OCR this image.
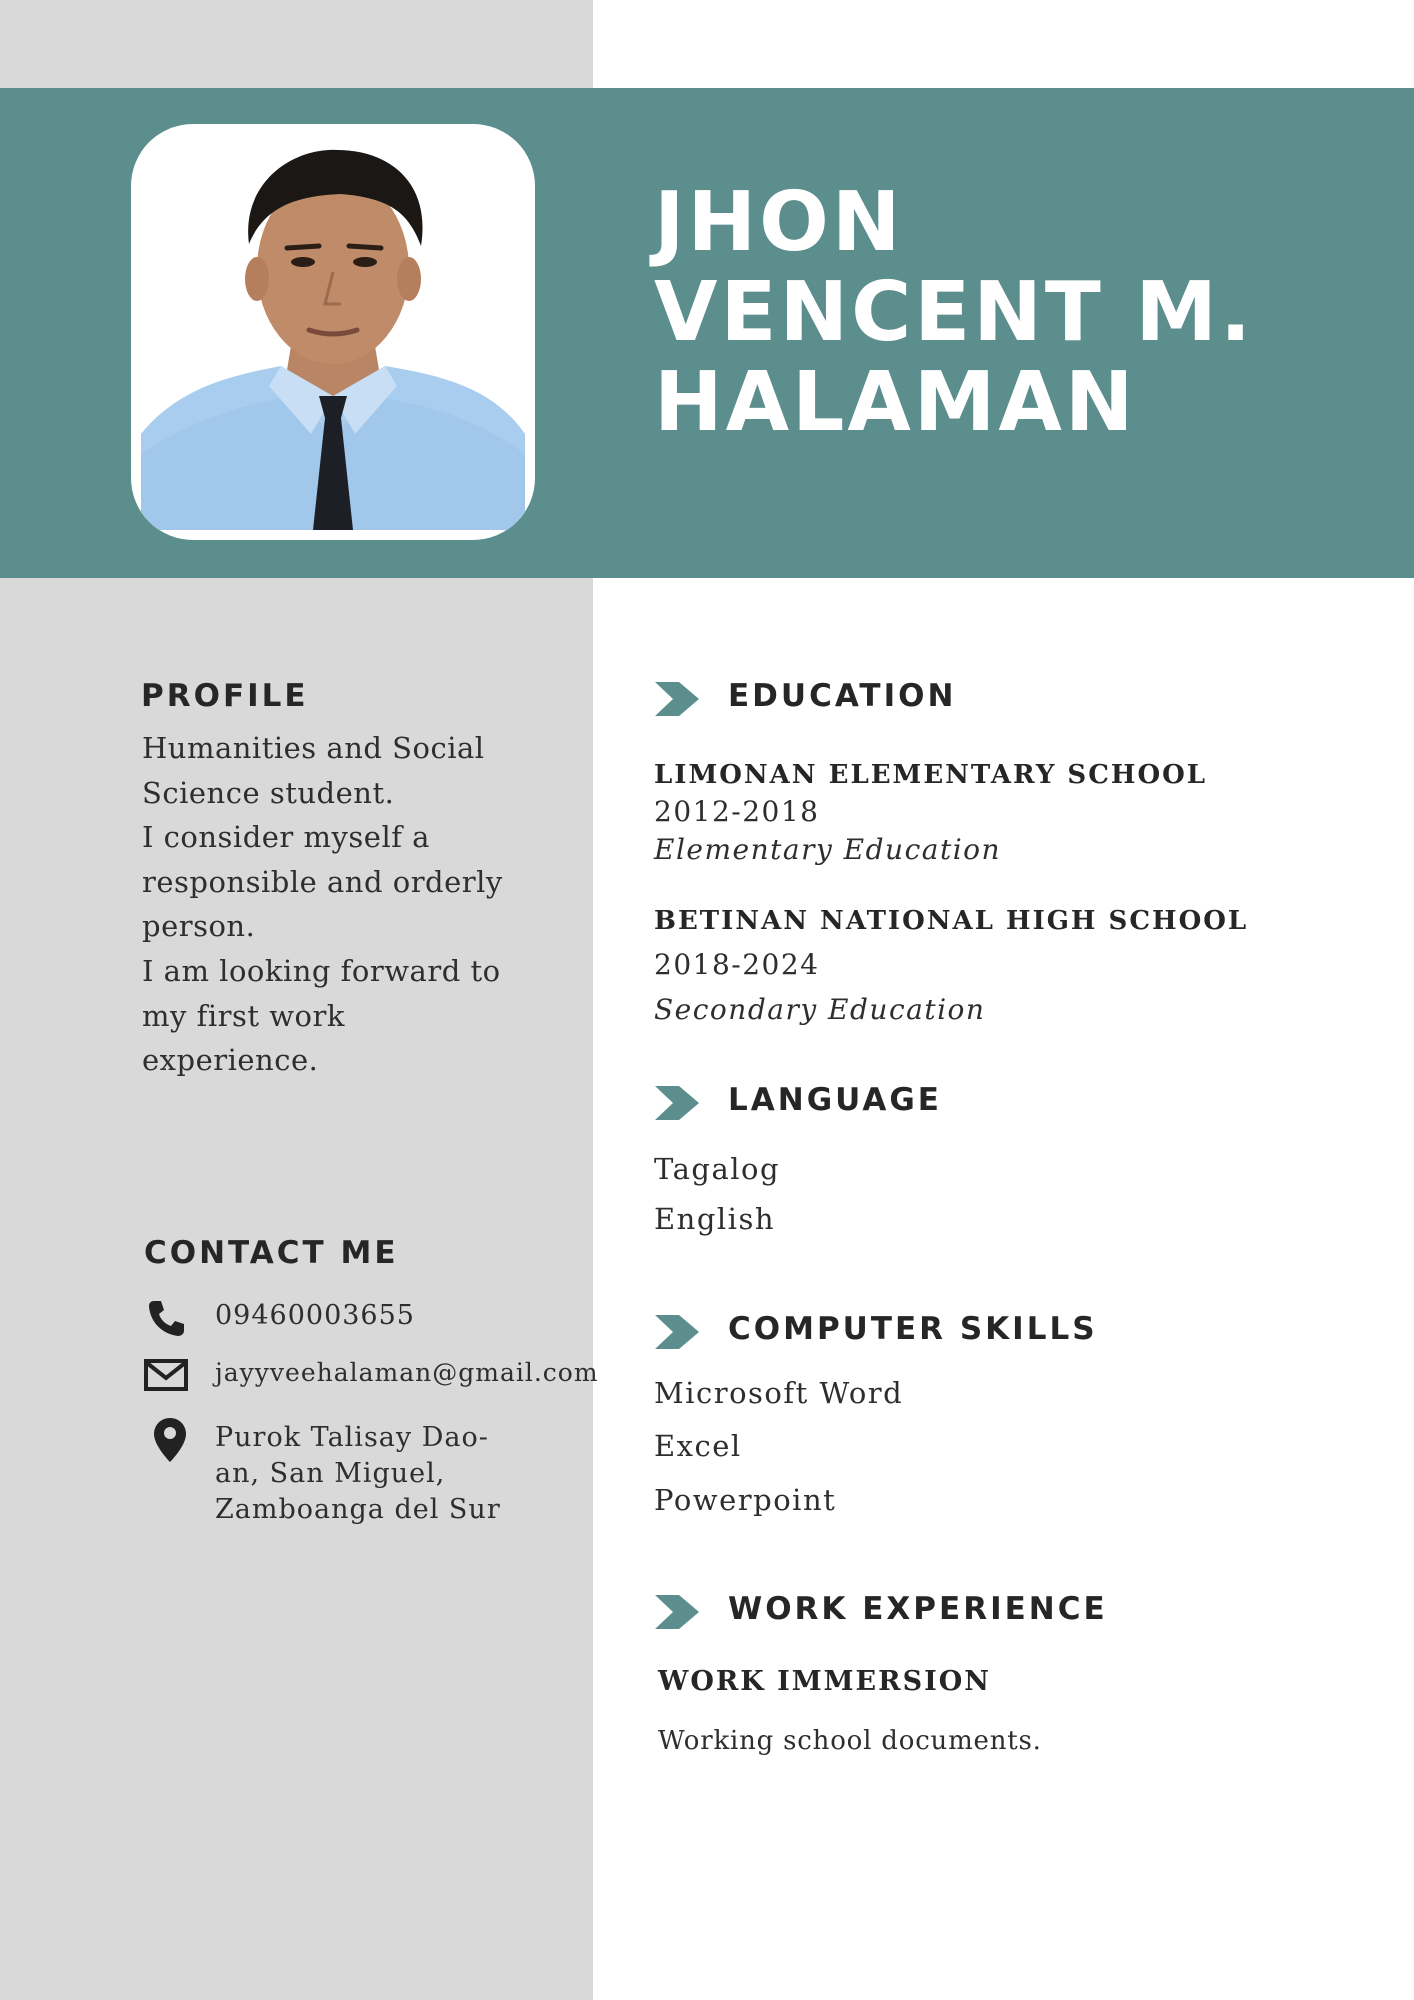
JHON
VENCENT M.
HALAMAN
PROFILE
Humanities and Social
Science student.
I consider myself a
responsible and orderly
person.
I am looking forward to
my first work
experience.
CONTACT ME
09460003655
jayyveehalaman@gmail.com
Purok Talisay Dao-
an, San Miguel,
Zamboanga del Sur
EDUCATION
LIMONAN ELEMENTARY SCHOOL
2012-2018
Elementary Education
BETINAN NATIONAL HIGH SCHOOL
2018-2024
Secondary Education
LANGUAGE
Tagalog
English
COMPUTER SKILLS
Microsoft Word
Excel
Powerpoint
WORK EXPERIENCE
WORK IMMERSION
Working school documents.
